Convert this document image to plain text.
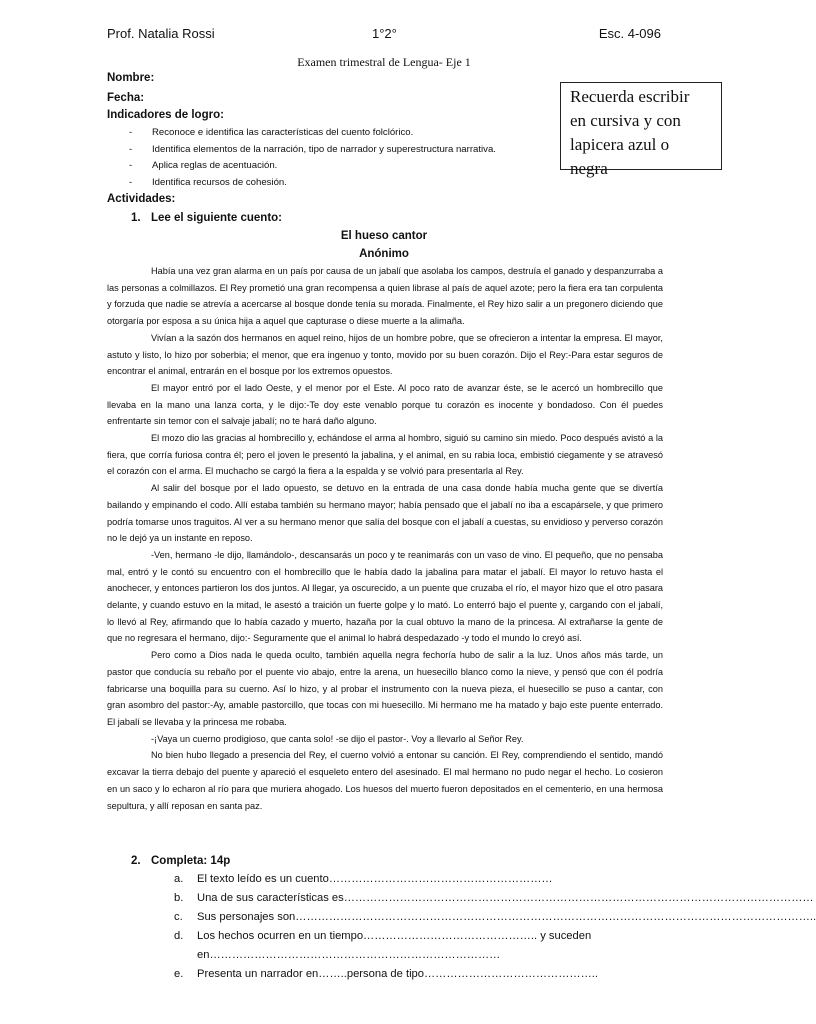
Prof. Natalia Rossi	1°2°	Esc. 4-096
Examen trimestral de Lengua- Eje 1
Nombre:
Fecha:
Indicadores de logro:
- Reconoce e identifica las características del cuento folclórico.
- Identifica elementos de la narración, tipo de narrador y superestructura narrativa.
- Aplica reglas de acentuación.
- Identifica recursos de cohesión.
Recuerda escribir
en cursiva y con
lapicera azul o

negra
Actividades:
1. Lee el siguiente cuento:
El hueso cantor
Anónimo

Había una vez gran alarma en un país por causa de un jabalí que asolaba los campos, destruía el ganado y despanzurraba a las personas a colmillazos. El Rey prometió una gran recompensa a quien librase al país de aquel azote; pero la fiera era tan corpulenta y forzuda que nadie se atrevía a acercarse al bosque donde tenía su morada. Finalmente, el Rey hizo salir a un pregonero diciendo que otorgaría por esposa a su única hija a aquel que capturase o diese muerte a la alimaña.

Vivían a la sazón dos hermanos en aquel reino, hijos de un hombre pobre, que se ofrecieron a intentar la empresa. El mayor, astuto y listo, lo hizo por soberbia; el menor, que era ingenuo y tonto, movido por su buen corazón. Dijo el Rey:-Para estar seguros de encontrar el animal, entrarán en el bosque por los extremos opuestos.

El mayor entró por el lado Oeste, y el menor por el Este. Al poco rato de avanzar éste, se le acercó un hombrecillo que llevaba en la mano una lanza corta, y le dijo:-Te doy este venablo porque tu corazón es inocente y bondadoso. Con él puedes enfrentarte sin temor con el salvaje jabalí; no te hará daño alguno.

El mozo dio las gracias al hombrecillo y, echándose el arma al hombro, siguió su camino sin miedo. Poco después avistó a la fiera, que corría furiosa contra él; pero el joven le presentó la jabalina, y el animal, en su rabia loca, embistió ciegamente y se atravesó el corazón con el arma. El muchacho se cargó la fiera a la espalda y se volvió para presentarla al Rey.

Al salir del bosque por el lado opuesto, se detuvo en la entrada de una casa donde había mucha gente que se divertía bailando y empinando el codo. Allí estaba también su hermano mayor; había pensado que el jabalí no iba a escapársele, y que primero podría tomarse unos traguitos. Al ver a su hermano menor que salía del bosque con el jabalí a cuestas, su envidioso y perverso corazón no le dejó ya un instante en reposo.

-Ven, hermano -le dijo, llamándolo-, descansarás un poco y te reanimarás con un vaso de vino. El pequeño, que no pensaba mal, entró y le contó su encuentro con el hombrecillo que le había dado la jabalina para matar el jabalí. El mayor lo retuvo hasta el anochecer, y entonces partieron los dos juntos. Al llegar, ya oscurecido, a un puente que cruzaba el río, el mayor hizo que el otro pasara delante, y cuando estuvo en la mitad, le asestó a traición un fuerte golpe y lo mató. Lo enterró bajo el puente y, cargando con el jabalí, lo llevó al Rey, afirmando que lo había cazado y muerto, hazaña por la cual obtuvo la mano de la princesa. Al extrañarse la gente de que no regresara el hermano, dijo:- Seguramente que el animal lo habrá despedazado -y todo el mundo lo creyó así.

Pero como a Dios nada le queda oculto, también aquella negra fechoría hubo de salir a la luz. Unos años más tarde, un pastor que conducía su rebaño por el puente vio abajo, entre la arena, un huesecillo blanco como la nieve, y pensó que con él podría fabricarse una boquilla para su cuerno. Así lo hizo, y al probar el instrumento con la nueva pieza, el huesecillo se puso a cantar, con gran asombro del pastor:-Ay, amable pastorcillo, que tocas con mi huesecillo. Mi hermano me ha matado y bajo este puente enterrado. El jabalí se llevaba y la princesa me robaba.

-¡Vaya un cuerno prodigioso, que canta solo! -se dijo el pastor-. Voy a llevarlo al Señor Rey.

No bien hubo llegado a presencia del Rey, el cuerno volvió a entonar su canción. El Rey, comprendiendo el sentido, mandó excavar la tierra debajo del puente y apareció el esqueleto entero del asesinado. El mal hermano no pudo negar el hecho. Lo cosieron en un saco y lo echaron al río para que muriera ahogado. Los huesos del muerto fueron depositados en el cementerio, en una hermosa sepultura, y allí reposan en santa paz.

2. Completa: 14p
a. El texto leído es un cuento……………………………………………………
b. Una de sus características es………………………………………………………………………………………………………………
c. Sus personajes son…………………………………………………………………………………………………………………………..
d. Los hechos ocurren en un tiempo……………………………………….. y suceden
en……………………………………………………………………
e. Presenta un narrador en……..persona de tipo………………………………………..
